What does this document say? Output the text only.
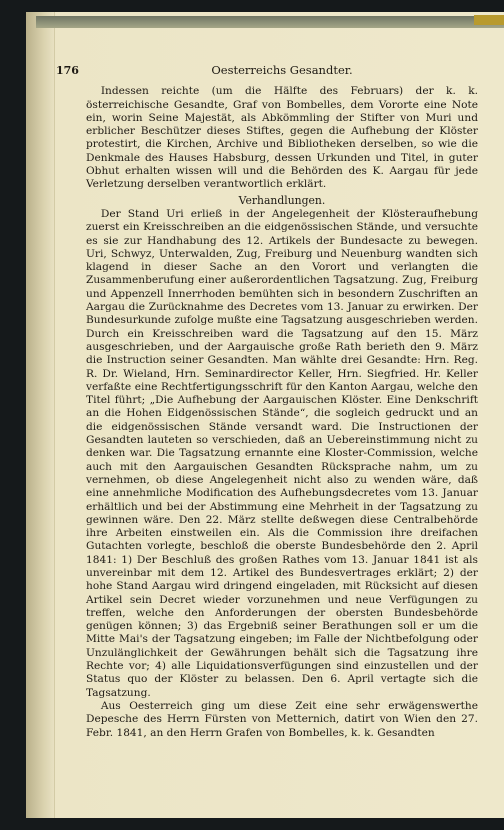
176	Oesterreichs Gesandter.

Indessen reichte (um die Hälfte des Februars) der k. k. österreichische Gesandte, Graf von Bombelles, dem Vororte eine Note ein, worin Seine Majestät, als Abkömmling der Stifter von Muri und erblicher Beschützer dieses Stiftes, gegen die Aufhebung der Klöster protestirt, die Kirchen, Archive und Bibliotheken derselben, so wie die Denkmale des Hauses Habsburg, dessen Urkunden und Titel, in guter Obhut erhalten wissen will und die Behörden des K. Aargau für jede Verletzung derselben verantwortlich erklärt.

Verhandlungen.

Der Stand Uri erließ in der Angelegenheit der Klösteraufhebung zuerst ein Kreisschreiben an die eidgenössischen Stände, und versuchte es sie zur Handhabung des 12. Artikels der Bundesacte zu bewegen. Uri, Schwyz, Unterwalden, Zug, Freiburg und Neuenburg wandten sich klagend in dieser Sache an den Vorort und verlangten die Zusammenberufung einer außerordentlichen Tagsatzung. Zug, Freiburg und Appenzell Innerrhoden bemühten sich in besondern Zuschriften an Aargau die Zurücknahme des Decretes vom 13. Januar zu erwirken. Der Bundesurkunde zufolge mußte eine Tagsatzung ausgeschrieben werden. Durch ein Kreisschreiben ward die Tagsatzung auf den 15. März ausgeschrieben, und der Aargauische große Rath berieth den 9. März die Instruction seiner Gesandten. Man wählte drei Gesandte: Hrn. Reg. R. Dr. Wieland, Hrn. Seminardirector Keller, Hrn. Siegfried. Hr. Keller verfaßte eine Rechtfertigungsschrift für den Kanton Aargau, welche den Titel führt; „Die Aufhebung der Aargauischen Klöster. Eine Denkschrift an die Hohen Eidgenössischen Stände“, die sogleich gedruckt und an die eidgenössischen Stände versandt ward. Die Instructionen der Gesandten lauteten so verschieden, daß an Uebereinstimmung nicht zu denken war. Die Tagsatzung ernannte eine Kloster-Commission, welche auch mit den Aargauischen Gesandten Rücksprache nahm, um zu vernehmen, ob diese Angelegenheit nicht also zu wenden wäre, daß eine annehmliche Modification des Aufhebungsdecretes vom 13. Januar erhältlich und bei der Abstimmung eine Mehrheit in der Tagsatzung zu gewinnen wäre. Den 22. März stellte deßwegen diese Centralbehörde ihre Arbeiten einstweilen ein. Als die Commission ihre dreifachen Gutachten vorlegte, beschloß die oberste Bundesbehörde den 2. April 1841: 1) Der Beschluß des großen Rathes vom 13. Januar 1841 ist als unvereinbar mit dem 12. Artikel des Bundesvertrages erklärt; 2) der hohe Stand Aargau wird dringend eingeladen, mit Rücksicht auf diesen Artikel sein Decret wieder vorzunehmen und neue Verfügungen zu treffen, welche den Anforderungen der obersten Bundesbehörde genügen können; 3) das Ergebniß seiner Berathungen soll er um die Mitte Mai's der Tagsatzung eingeben; im Falle der Nichtbefolgung oder Unzulänglichkeit der Gewährungen behält sich die Tagsatzung ihre Rechte vor; 4) alle Liquidationsverfügungen sind einzustellen und der Status quo der Klöster zu belassen. Den 6. April vertagte sich die Tagsatzung.

Aus Oesterreich ging um diese Zeit eine sehr erwägenswerthe Depesche des Herrn Fürsten von Metternich, datirt von Wien den 27. Febr. 1841, an den Herrn Grafen von Bombelles, k. k. Gesandten
